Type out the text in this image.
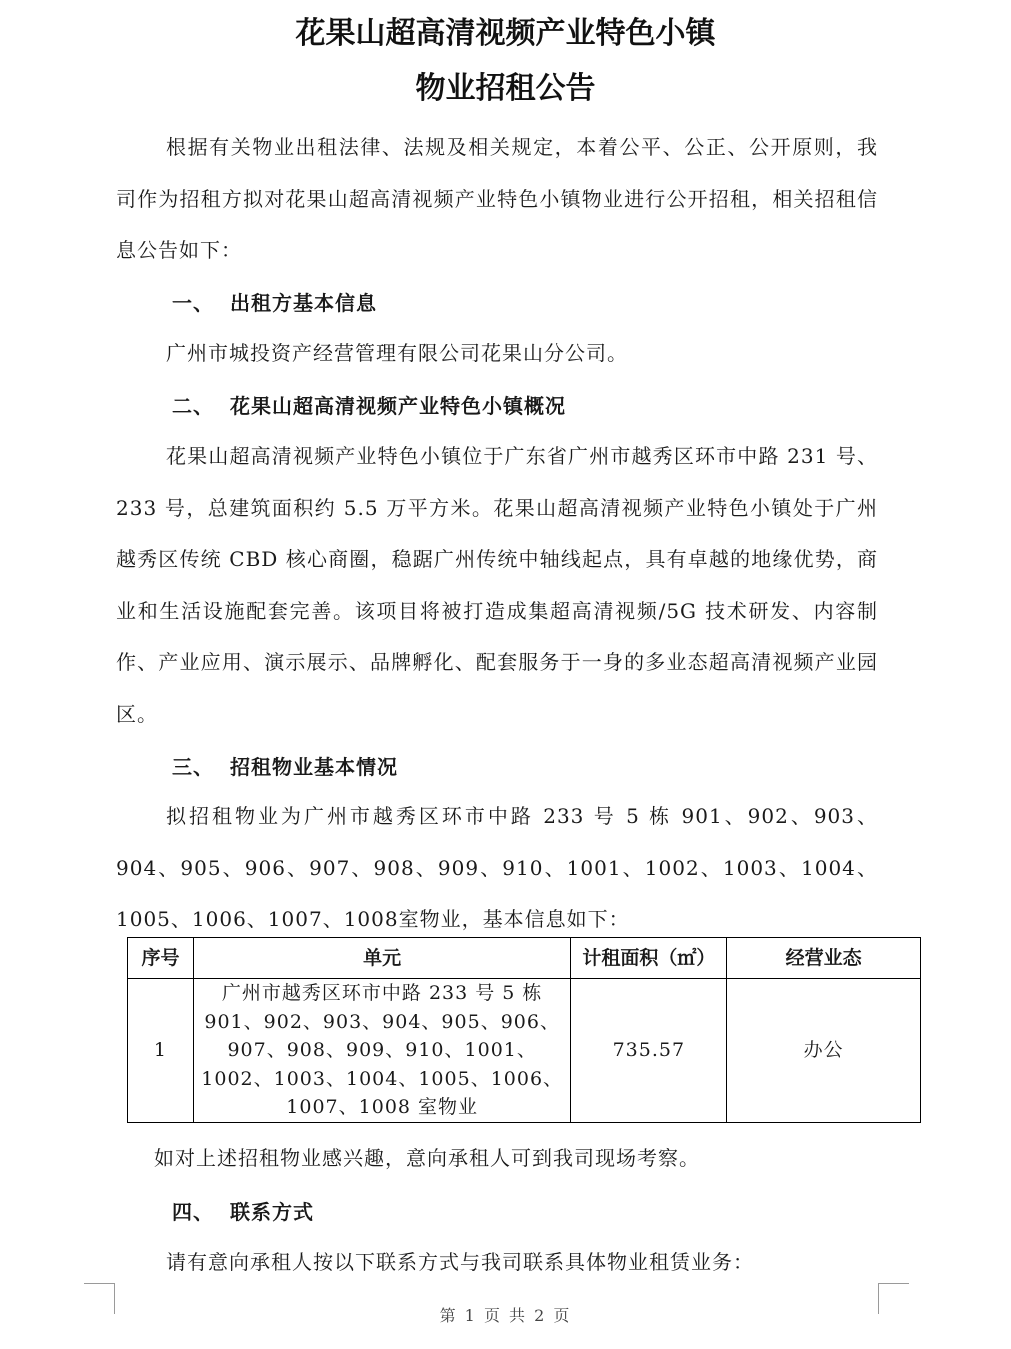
花果山超高清视频产业特色小镇
物业招租公告
根据有关物业出租法律、法规及相关规定，本着公平、公正、公开原则，我司作为招租方拟对花果山超高清视频产业特色小镇物业进行公开招租，相关招租信息公告如下：
一、 出租方基本信息
广州市城投资产经营管理有限公司花果山分公司。
二、 花果山超高清视频产业特色小镇概况
花果山超高清视频产业特色小镇位于广东省广州市越秀区环市中路 231 号、233 号，总建筑面积约 5.5 万平方米。花果山超高清视频产业特色小镇处于广州越秀区传统 CBD 核心商圈，稳踞广州传统中轴线起点，具有卓越的地缘优势，商业和生活设施配套完善。该项目将被打造成集超高清视频/5G 技术研发、内容制作、产业应用、演示展示、品牌孵化、配套服务于一身的多业态超高清视频产业园区。
三、 招租物业基本情况
拟招租物业为广州市越秀区环市中路 233 号 5 栋 901、902、903、904、905、906、907、908、909、910、1001、1002、1003、1004、1005、1006、1007、1008室物业，基本信息如下：
序号	单元	计租面积（㎡）	经营业态
1	广州市越秀区环市中路 233 号 5 栋 901、902、903、904、905、906、907、908、909、910、1001、1002、1003、1004、1005、1006、1007、1008 室物业	735.57	办公
如对上述招租物业感兴趣，意向承租人可到我司现场考察。
四、 联系方式
请有意向承租人按以下联系方式与我司联系具体物业租赁业务：
第 1 页 共 2 页
